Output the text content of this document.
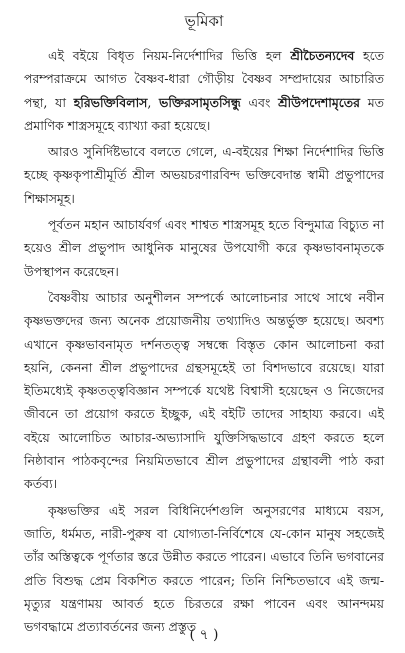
ভূমিকা

এই বইয়ে বিধৃত নিয়ম-নির্দেশাদির ভিত্তি হল শ্রীচৈতন্যদেব হতে পরম্পরাক্রমে আগত বৈষ্ণব-ধারা গৌড়ীয় বৈষ্ণব সম্প্রদায়ের আচারিত পন্থা, যা হরিভক্তিবিলাস, ভক্তিরসামৃতসিন্ধু এবং শ্রীউপদেশামৃতের মত প্রমাণিক শাস্ত্রসমূহে ব্যাখ্যা করা হয়েছে।

আরও সুনির্দিষ্টভাবে বলতে গেলে, এ-বইয়ের শিক্ষা নির্দেশাদির ভিত্তি হচ্ছে কৃষ্ণকৃপাশ্রীমূর্তি শ্রীল অভয়চরণারবিন্দ ভক্তিবেদান্ত স্বামী প্রভুপাদের শিক্ষাসমূহ।

পূর্বতন মহান আচার্যবর্গ এবং শাশ্বত শাস্ত্রসমূহ হতে বিন্দুমাত্র বিচ্যুত না হয়েও শ্রীল প্রভুপাদ আধুনিক মানুষের উপযোগী করে কৃষ্ণভাবনামৃতকে উপস্থাপন করেছেন।

বৈষ্ণবীয় আচার অনুশীলন সম্পর্কে আলোচনার সাথে সাথে নবীন কৃষ্ণভক্তদের জন্য অনেক প্রয়োজনীয় তথ্যাদিও অন্তর্ভুক্ত হয়েছে। অবশ্য এখানে কৃষ্ণভাবনামৃত দর্শনতত্ত্ব সম্বন্ধে বিস্তৃত কোন আলোচনা করা হয়নি, কেননা শ্রীল প্রভুপাদের গ্রন্থসমূহেই তা বিশদভাবে রয়েছে। যারা ইতিমধ্যেই কৃষ্ণতত্ত্ববিজ্ঞান সম্পর্কে যথেষ্ট বিশ্বাসী হয়েছেন ও নিজেদের জীবনে তা প্রয়োগ করতে ইচ্ছুক, এই বইটি তাদের সাহায্য করবে। এই বইয়ে আলোচিত আচার-অভ্যাসাদি যুক্তিসিদ্ধভাবে গ্রহণ করতে হলে নিষ্ঠাবান পাঠকবৃন্দের নিয়মিতভাবে শ্রীল প্রভুপাদের গ্রন্থাবলী পাঠ করা কর্তব্য।

কৃষ্ণভক্তির এই সরল বিধিনির্দেশগুলি অনুসরণের মাধ্যমে বয়স, জাতি, ধর্মমত, নারী-পুরুষ বা যোগ্যতা-নির্বিশেষে যে-কোন মানুষ সহজেই তাঁর অস্তিত্বকে পূর্ণতার স্তরে উন্নীত করতে পারেন। এভাবে তিনি ভগবানের প্রতি বিশুদ্ধ প্রেম বিকশিত করতে পারেন; তিনি নিশ্চিতভাবে এই জন্ম-মৃত্যুর যন্ত্রণাময় আবর্ত হতে চিরতরে রক্ষা পাবেন এবং আনন্দময় ভগবদ্ধামে প্রত্যাবর্তনের জন্য প্রস্তুত

( ৭ )
